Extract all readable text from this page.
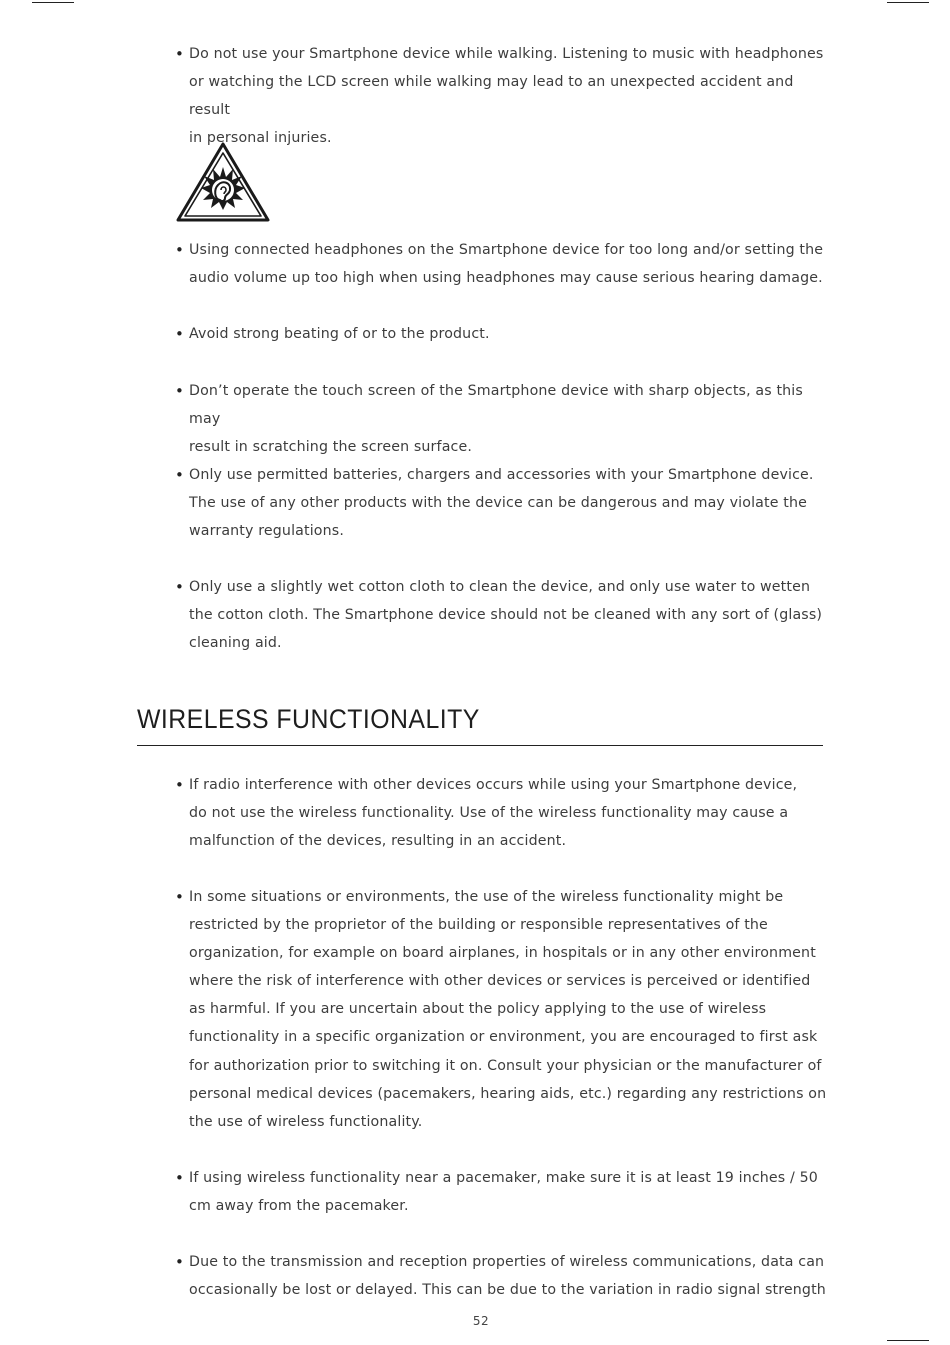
• Do not use your Smartphone device while walking. Listening to music with headphones
or watching the LCD screen while walking may lead to an unexpected accident and result
in personal injuries.
• Using connected headphones on the Smartphone device for too long and/or setting the
audio volume up too high when using headphones may cause serious hearing damage.
• Avoid strong beating of or to the product.
• Don’t operate the touch screen of the Smartphone device with sharp objects, as this may
result in scratching the screen surface.
• Only use permitted batteries, chargers and accessories with your Smartphone device.
The use of any other products with the device can be dangerous and may violate the
warranty regulations.
• Only use a slightly wet cotton cloth to clean the device, and only use water to wetten
the cotton cloth. The Smartphone device should not be cleaned with any sort of (glass)
cleaning aid.
WIRELESS FUNCTIONALITY
• If radio interference with other devices occurs while using your Smartphone device,
do not use the wireless functionality. Use of the wireless functionality may cause a
malfunction of the devices, resulting in an accident.
• In some situations or environments, the use of the wireless functionality might be
restricted by the proprietor of the building or responsible representatives of the
organization, for example on board airplanes, in hospitals or in any other environment
where the risk of interference with other devices or services is perceived or identified
as harmful. If you are uncertain about the policy applying to the use of wireless
functionality in a specific organization or environment, you are encouraged to first ask
for authorization prior to switching it on. Consult your physician or the manufacturer of
personal medical devices (pacemakers, hearing aids, etc.) regarding any restrictions on
the use of wireless functionality.
• If using wireless functionality near a pacemaker, make sure it is at least 19 inches / 50
cm away from the pacemaker.
• Due to the transmission and reception properties of wireless communications, data can
occasionally be lost or delayed. This can be due to the variation in radio signal strength
52
